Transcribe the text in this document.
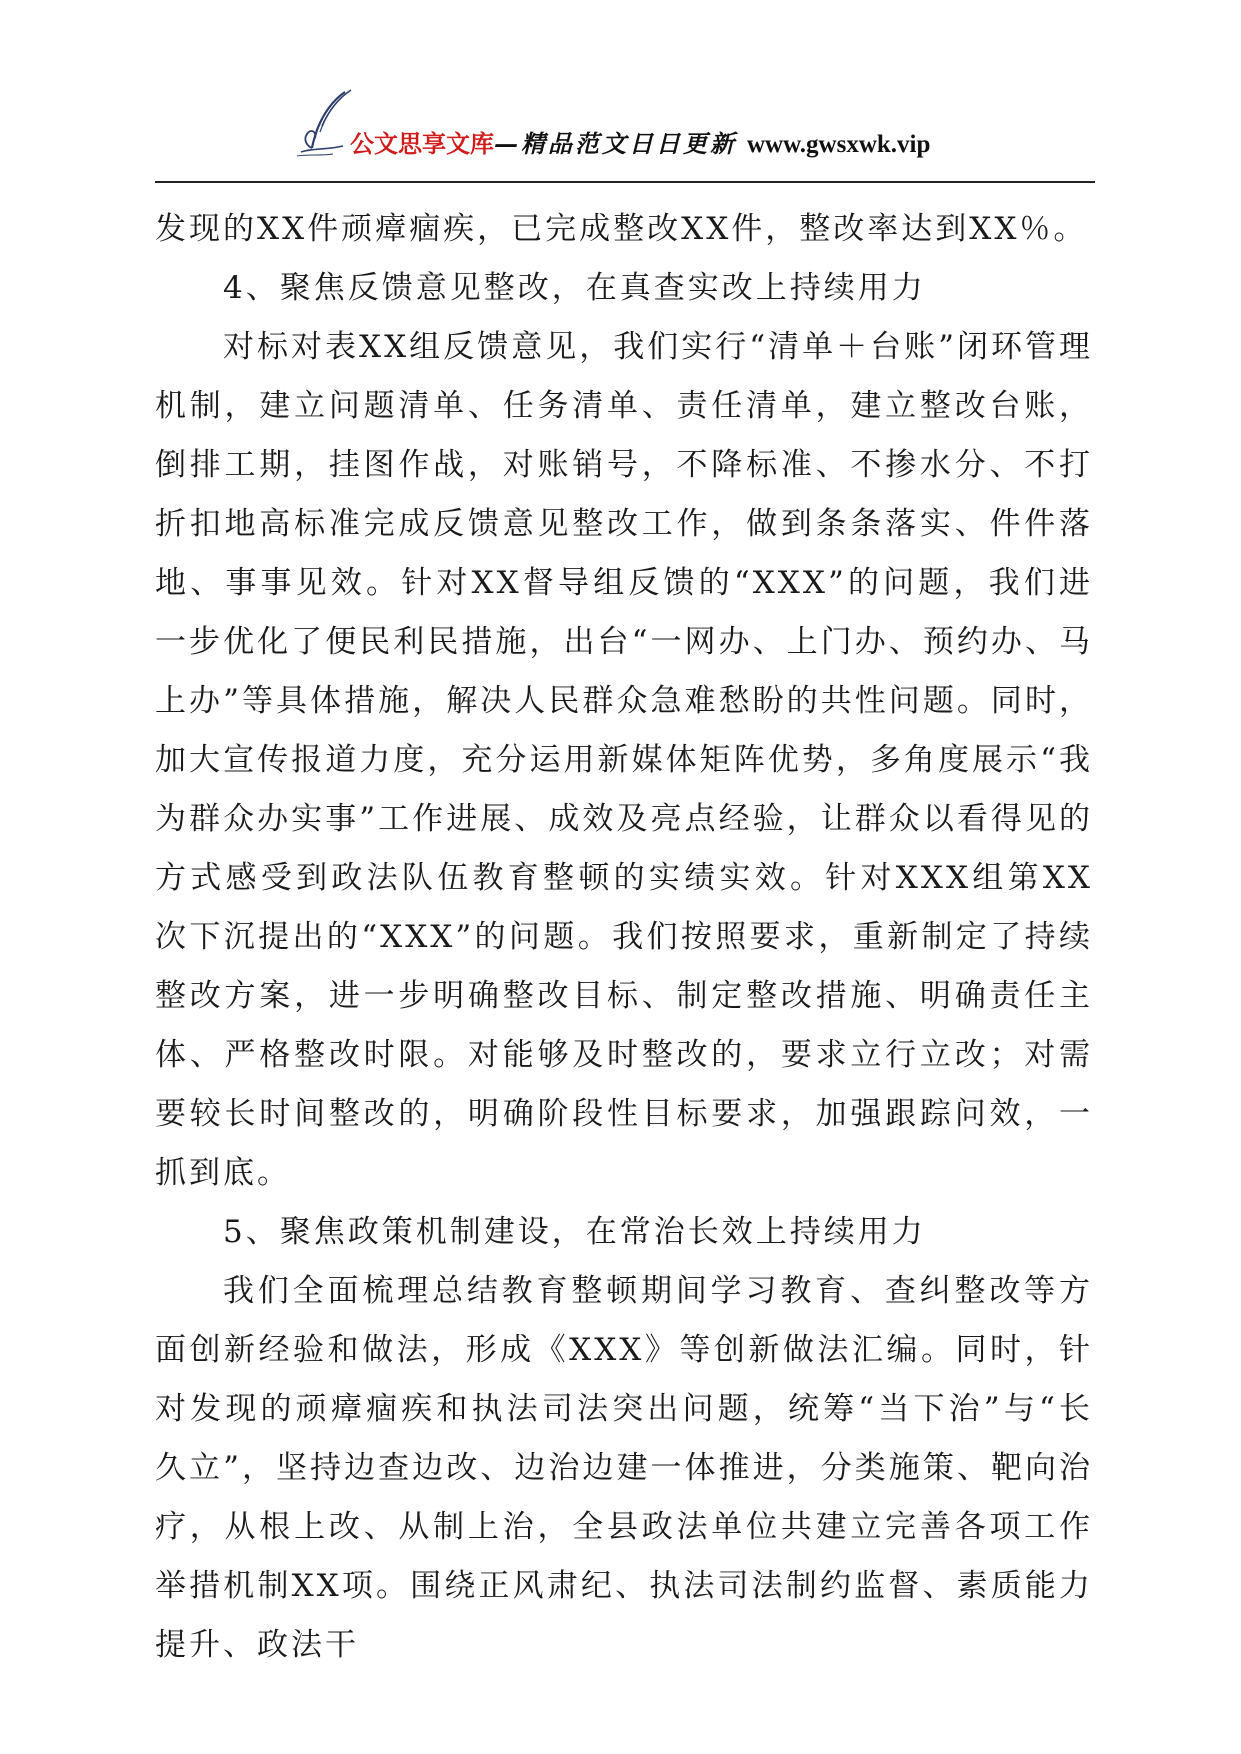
公文思享文库—精品范文日日更新 www.gwsxwk.vip

发现的XX件顽瘴痼疾，已完成整改XX件，整改率达到XX％。

4、聚焦反馈意见整改，在真查实改上持续用力

对标对表XX组反馈意见，我们实行“清单＋台账”闭环管理机制，建立问题清单、任务清单、责任清单，建立整改台账，倒排工期，挂图作战，对账销号，不降标准、不掺水分、不打折扣地高标准完成反馈意见整改工作，做到条条落实、件件落地、事事见效。针对XX督导组反馈的“XXX”的问题，我们进一步优化了便民利民措施，出台“一网办、上门办、预约办、马上办”等具体措施，解决人民群众急难愁盼的共性问题。同时，加大宣传报道力度，充分运用新媒体矩阵优势，多角度展示“我为群众办实事”工作进展、成效及亮点经验，让群众以看得见的方式感受到政法队伍教育整顿的实绩实效。针对XXX组第XX次下沉提出的“XXX”的问题。我们按照要求，重新制定了持续整改方案，进一步明确整改目标、制定整改措施、明确责任主体、严格整改时限。对能够及时整改的，要求立行立改；对需要较长时间整改的，明确阶段性目标要求，加强跟踪问效，一抓到底。

5、聚焦政策机制建设，在常治长效上持续用力

我们全面梳理总结教育整顿期间学习教育、查纠整改等方面创新经验和做法，形成《XXX》等创新做法汇编。同时，针对发现的顽瘴痼疾和执法司法突出问题，统筹“当下治”与“长久立”，坚持边查边改、边治边建一体推进，分类施策、靶向治疗，从根上改、从制上治，全县政法单位共建立完善各项工作举措机制XX项。围绕正风肃纪、执法司法制约监督、素质能力提升、政法干
